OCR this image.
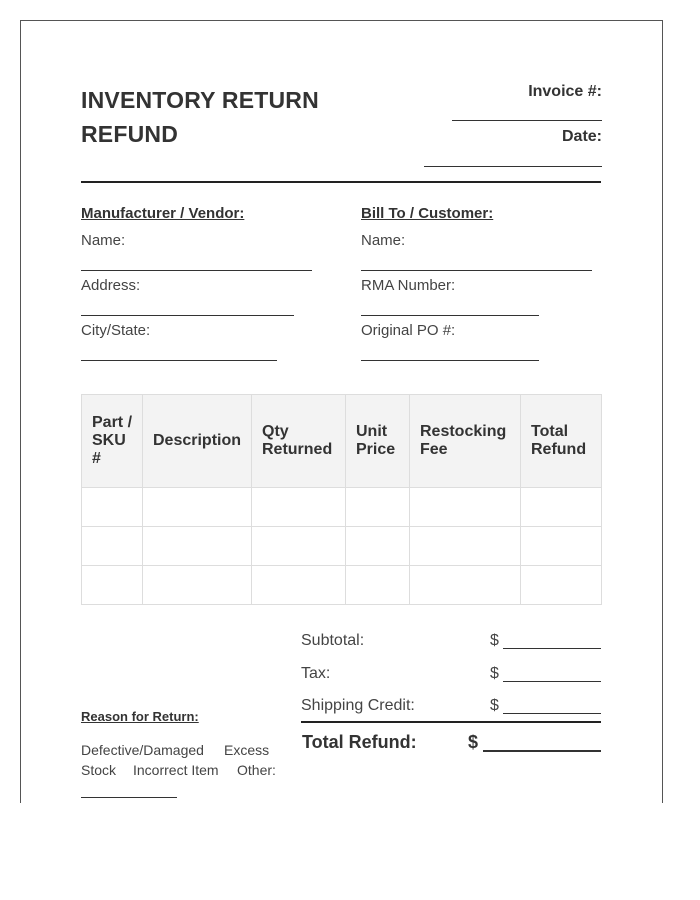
INVENTORY RETURN
REFUND
Invoice #:
Date:
Manufacturer / Vendor:
Name:
Address:
City/State:
Bill To / Customer:
Name:
RMA Number:
Original PO #:
Part / SKU #	Description	Qty Returned	Unit Price	Restocking Fee	Total Refund

Subtotal:	$
Tax:	$
Shipping Credit:	$
Total Refund:	$
Reason for Return:
Defective/Damaged Excess
Stock Incorrect Item Other:
